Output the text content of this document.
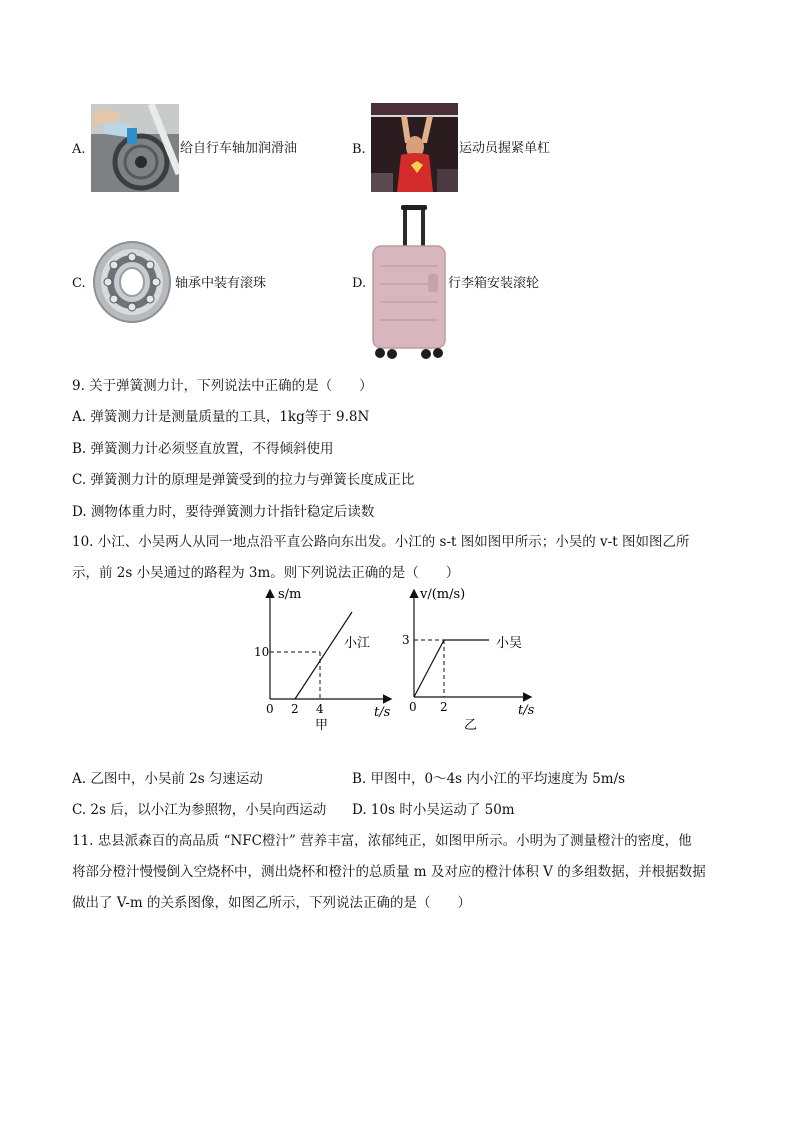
A.	给自行车轴加润滑油	B.	运动员握紧单杠
C.	轴承中装有滚珠	D.	行李箱安装滚轮
9. 关于弹簧测力计，下列说法中正确的是（　　）
A. 弹簧测力计是测量质量的工具，1kg等于 9.8N
B. 弹簧测力计必须竖直放置，不得倾斜使用
C. 弹簧测力计的原理是弹簧受到的拉力与弹簧长度成正比
D. 测物体重力时，要待弹簧测力计指针稳定后读数
10. 小江、小吴两人从同一地点沿平直公路向东出发。小江的 s-t 图如图甲所示；小吴的 v-t 图如图乙所
示，前 2s 小吴通过的路程为 3m。则下列说法正确的是（　　）
s/m
t/s
0 2 4
10
小江
甲
v/(m/s)
t/s
0 2
3	小吴
乙
A. 乙图中，小吴前 2s 匀速运动	B. 甲图中，0～4s 内小江的平均速度为 5m/s
C. 2s 后，以小江为参照物，小吴向西运动 D. 10s 时小吴运动了 50m
11. 忠县派森百的高品质 “NFC橙汁” 营养丰富，浓郁纯正，如图甲所示。小明为了测量橙汁的密度，他
将部分橙汁慢慢倒入空烧杯中，测出烧杯和橙汁的总质量 m 及对应的橙汁体积 V 的多组数据，并根据数据
做出了 V-m 的关系图像，如图乙所示，下列说法正确的是（　　）
